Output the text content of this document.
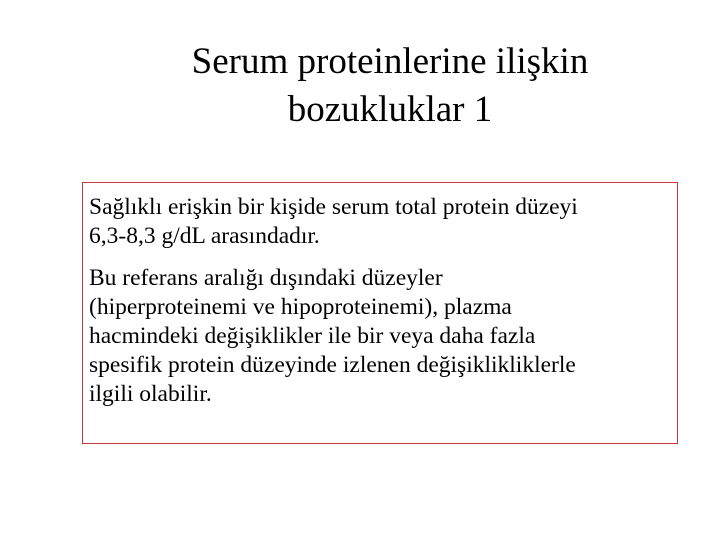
Serum proteinlerine ilişkin
bozukluklar 1

Sağlıklı erişkin bir kişide serum total protein düzeyi
6,3-8,3 g/dL arasındadır.

Bu referans aralığı dışındaki düzeyler
(hiperproteinemi ve hipoproteinemi), plazma
hacmindeki değişiklikler ile bir veya daha fazla
spesifik protein düzeyinde izlenen değişiklikliklerle
ilgili olabilir.
